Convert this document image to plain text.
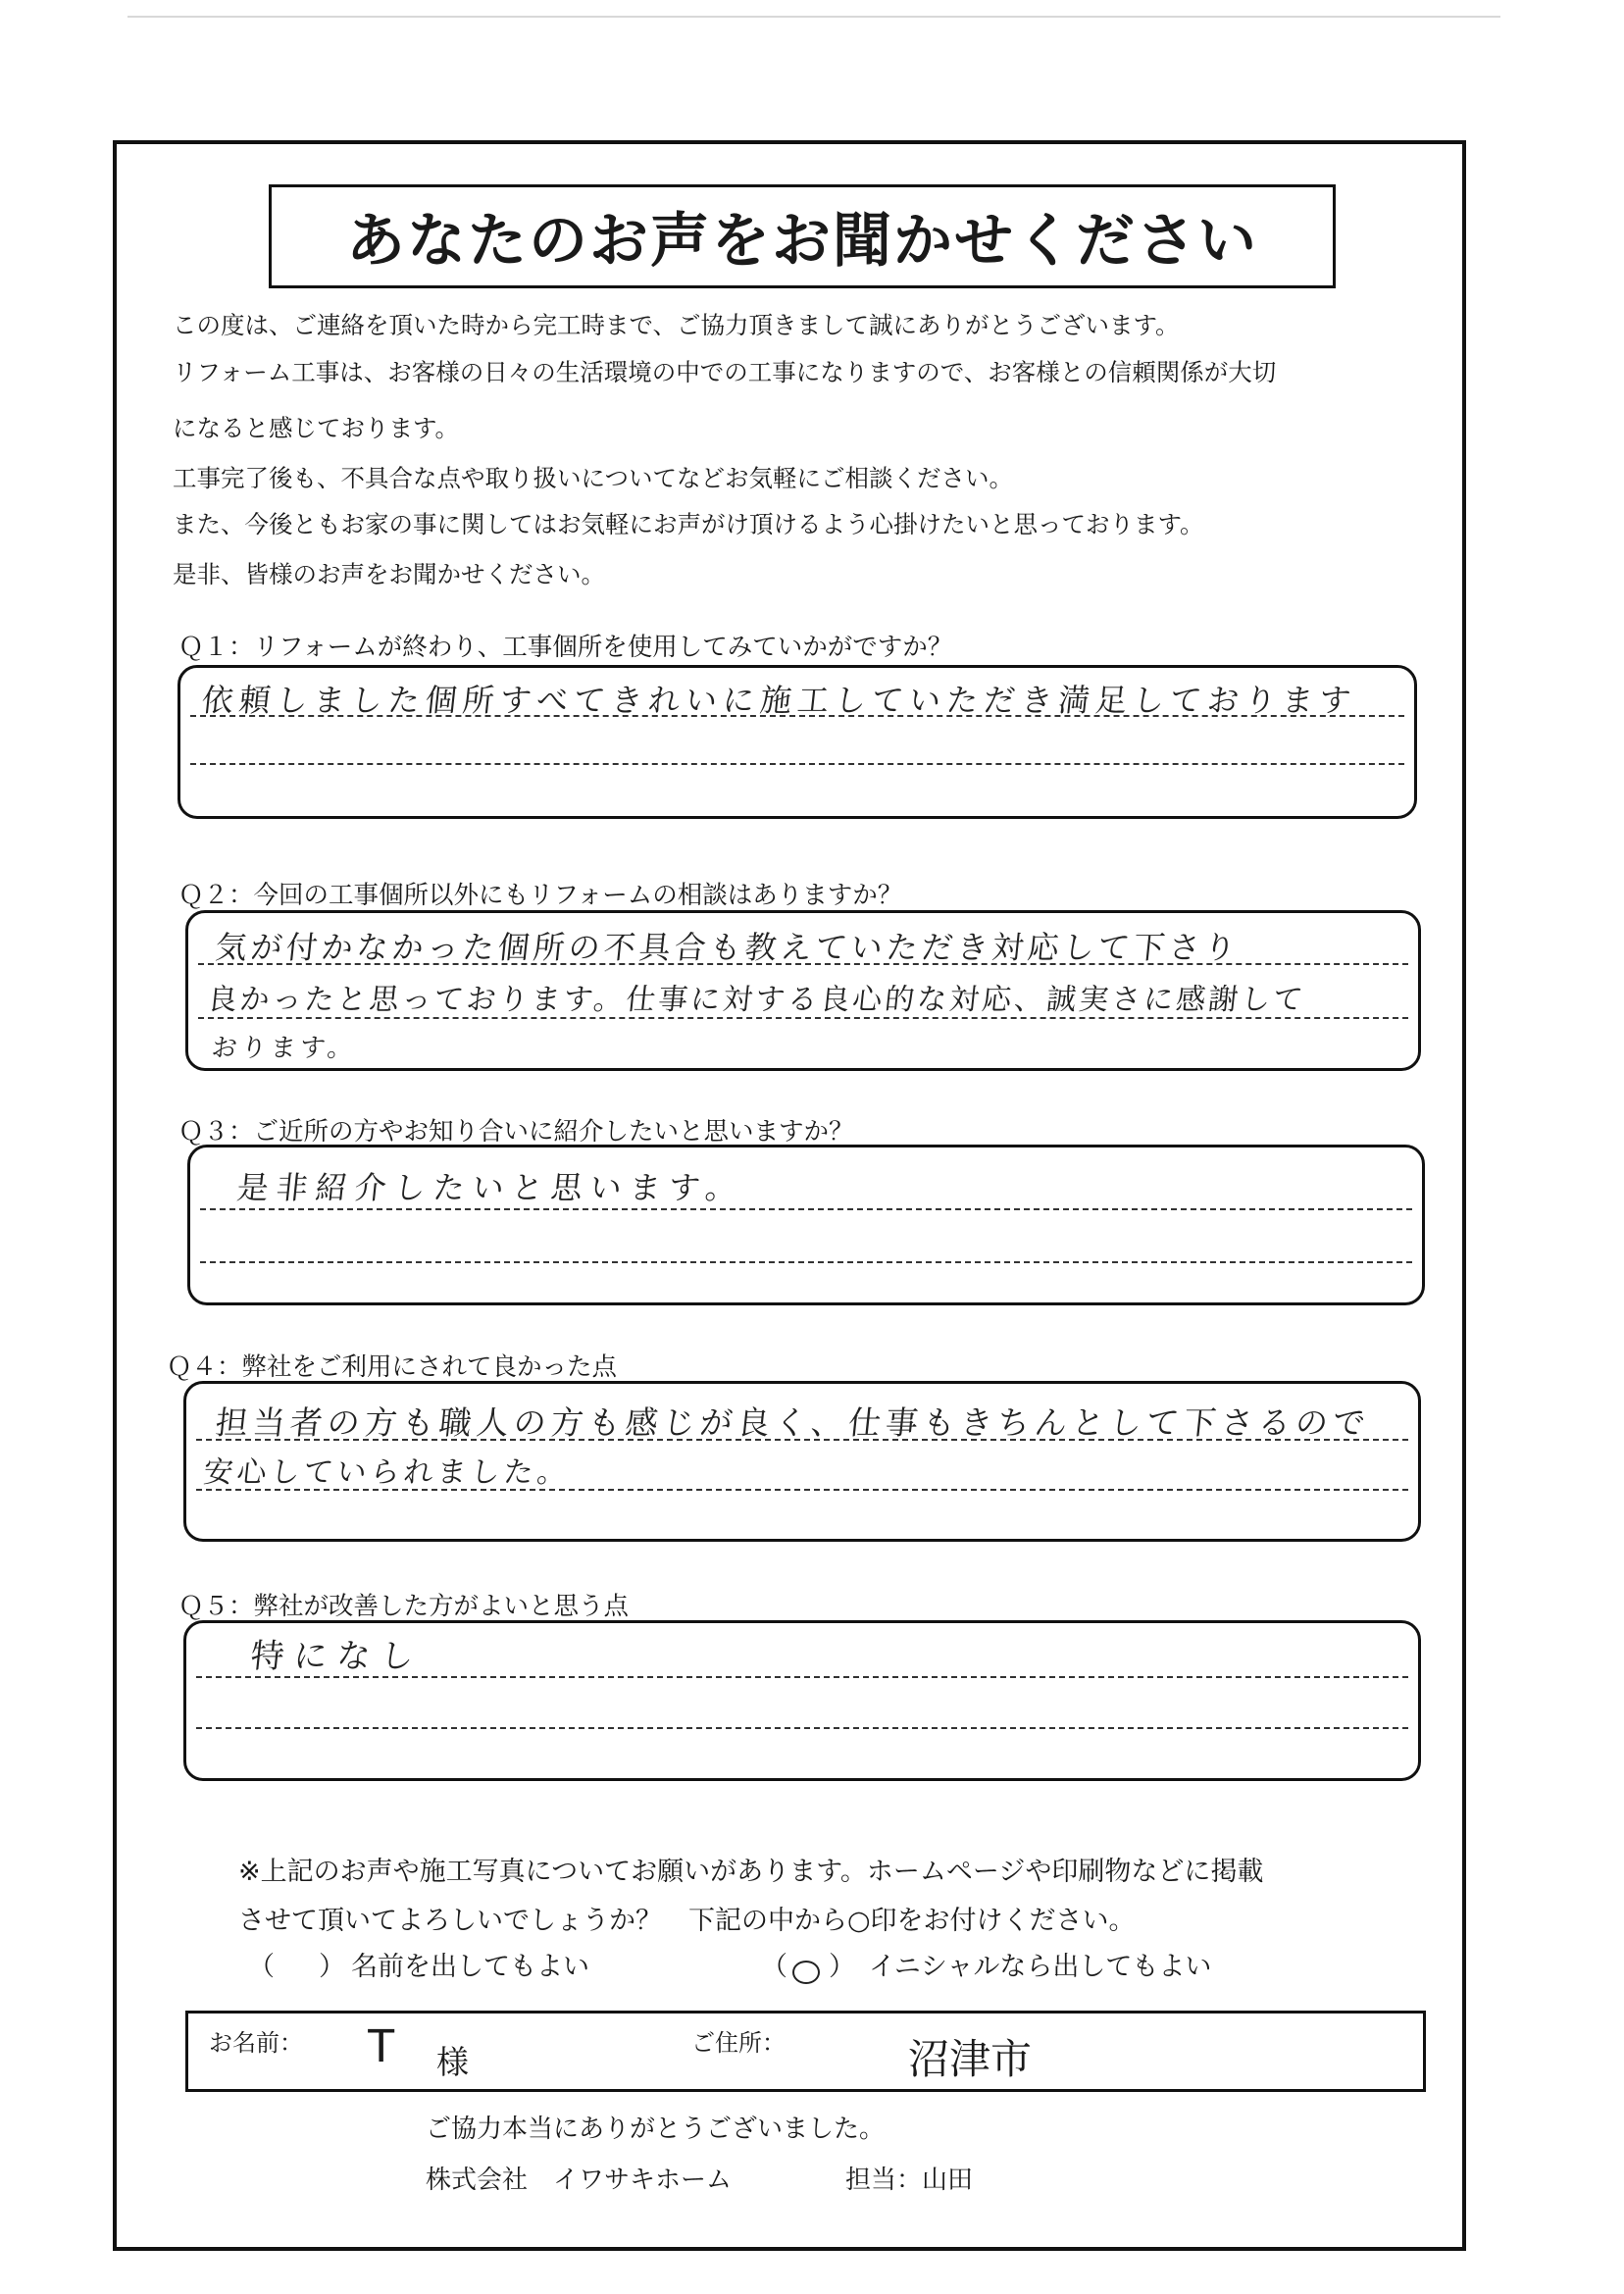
あなたのお声をお聞かせください
この度は、ご連絡を頂いた時から完工時まで、ご協力頂きまして誠にありがとうございます。
リフォーム工事は、お客様の日々の生活環境の中での工事になりますので、お客様との信頼関係が大切
になると感じております。
工事完了後も、不具合な点や取り扱いについてなどお気軽にご相談ください。
また、今後ともお家の事に関してはお気軽にお声がけ頂けるよう心掛けたいと思っております。
是非、皆様のお声をお聞かせください。
Ｑ１：リフォームが終わり、工事個所を使用してみていかがですか？
依頼しました個所すべてきれいに施工していただき満足しております
Ｑ２：今回の工事個所以外にもリフォームの相談はありますか？
気が付かなかった個所の不具合も教えていただき対応して下さり
良かったと思っております。仕事に対する良心的な対応、誠実さに感謝して
おります。
Ｑ３：ご近所の方やお知り合いに紹介したいと思いますか？
是非紹介したいと思います。
Ｑ４：弊社をご利用にされて良かった点
担当者の方も職人の方も感じが良く、仕事もきちんとして下さるので
安心していられました。
Ｑ５：弊社が改善した方がよいと思う点
特になし
※上記のお声や施工写真についてお願いがあります。ホームページや印刷物などに掲載
させて頂いてよろしいでしょうか？　下記の中から○印をお付けください。
（ ） 名前を出してもよい	（ ○ ） イニシャルなら出してもよい
お名前： T 様	ご住所：	沼津市
ご協力本当にありがとうございました。
株式会社　イワサキホーム	担当：山田
